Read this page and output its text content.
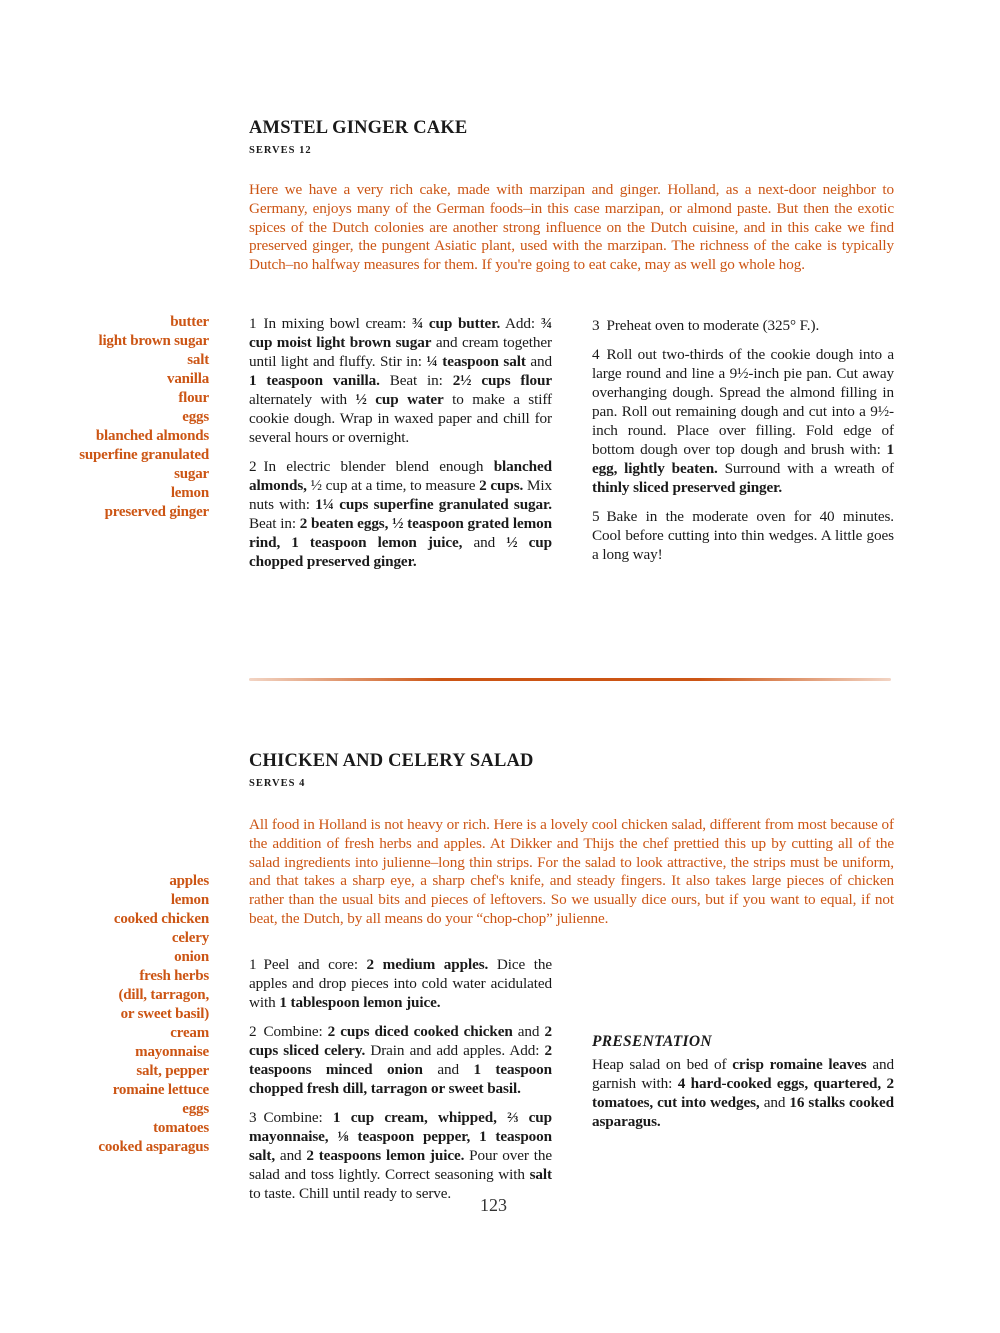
AMSTEL GINGER CAKE
SERVES 12

Here we have a very rich cake, made with marzipan and ginger. Holland, as a next-door neighbor to Germany, enjoys many of the German foods–in this case marzipan, or almond paste. But then the exotic spices of the Dutch colonies are another strong influence on the Dutch cuisine, and in this cake we find preserved ginger, the pungent Asiatic plant, used with the marzipan. The richness of the cake is typically Dutch–no halfway measures for them. If you're going to eat cake, may as well go whole hog.

butter
light brown sugar
salt
vanilla
flour
eggs
blanched almonds
superfine granulated
sugar
lemon
preserved ginger

1 In mixing bowl cream: ¾ cup butter. Add: ¾ cup moist light brown sugar and cream together until light and fluffy. Stir in: ¼ teaspoon salt and 1 teaspoon vanilla. Beat in: 2½ cups flour alternately with ½ cup water to make a stiff cookie dough. Wrap in waxed paper and chill for several hours or overnight.

2 In electric blender blend enough blanched almonds, ½ cup at a time, to measure 2 cups. Mix nuts with: 1¼ cups superfine granulated sugar. Beat in: 2 beaten eggs, ½ teaspoon grated lemon rind, 1 teaspoon lemon juice, and ½ cup chopped preserved ginger.

3 Preheat oven to moderate (325° F.).

4 Roll out two-thirds of the cookie dough into a large round and line a 9½-inch pie pan. Cut away overhanging dough. Spread the almond filling in pan. Roll out remaining dough and cut into a 9½-inch round. Place over filling. Fold edge of bottom dough over top dough and brush with: 1 egg, lightly beaten. Surround with a wreath of thinly sliced preserved ginger.

5 Bake in the moderate oven for 40 minutes. Cool before cutting into thin wedges. A little goes a long way!

CHICKEN AND CELERY SALAD
SERVES 4

All food in Holland is not heavy or rich. Here is a lovely cool chicken salad, different from most because of the addition of fresh herbs and apples. At Dikker and Thijs the chef prettied this up by cutting all of the salad ingredients into julienne–long thin strips. For the salad to look attractive, the strips must be uniform, and that takes a sharp eye, a sharp chef's knife, and steady fingers. It also takes large pieces of chicken rather than the usual bits and pieces of leftovers. So we usually dice ours, but if you want to equal, if not beat, the Dutch, by all means do your “chop-chop” julienne.

apples
lemon
cooked chicken
celery
onion
fresh herbs
(dill, tarragon,
or sweet basil)
cream
mayonnaise
salt, pepper
romaine lettuce
eggs
tomatoes
cooked asparagus

1 Peel and core: 2 medium apples. Dice the apples and drop pieces into cold water acidulated with 1 tablespoon lemon juice.

2 Combine: 2 cups diced cooked chicken and 2 cups sliced celery. Drain and add apples. Add: 2 teaspoons minced onion and 1 teaspoon chopped fresh dill, tarragon or sweet basil.

3 Combine: 1 cup cream, whipped, ⅔ cup mayonnaise, ⅛ teaspoon pepper, 1 teaspoon salt, and 2 teaspoons lemon juice. Pour over the salad and toss lightly. Correct seasoning with salt to taste. Chill until ready to serve.

PRESENTATION

Heap salad on bed of crisp romaine leaves and garnish with: 4 hard-cooked eggs, quartered, 2 tomatoes, cut into wedges, and 16 stalks cooked asparagus.

123
